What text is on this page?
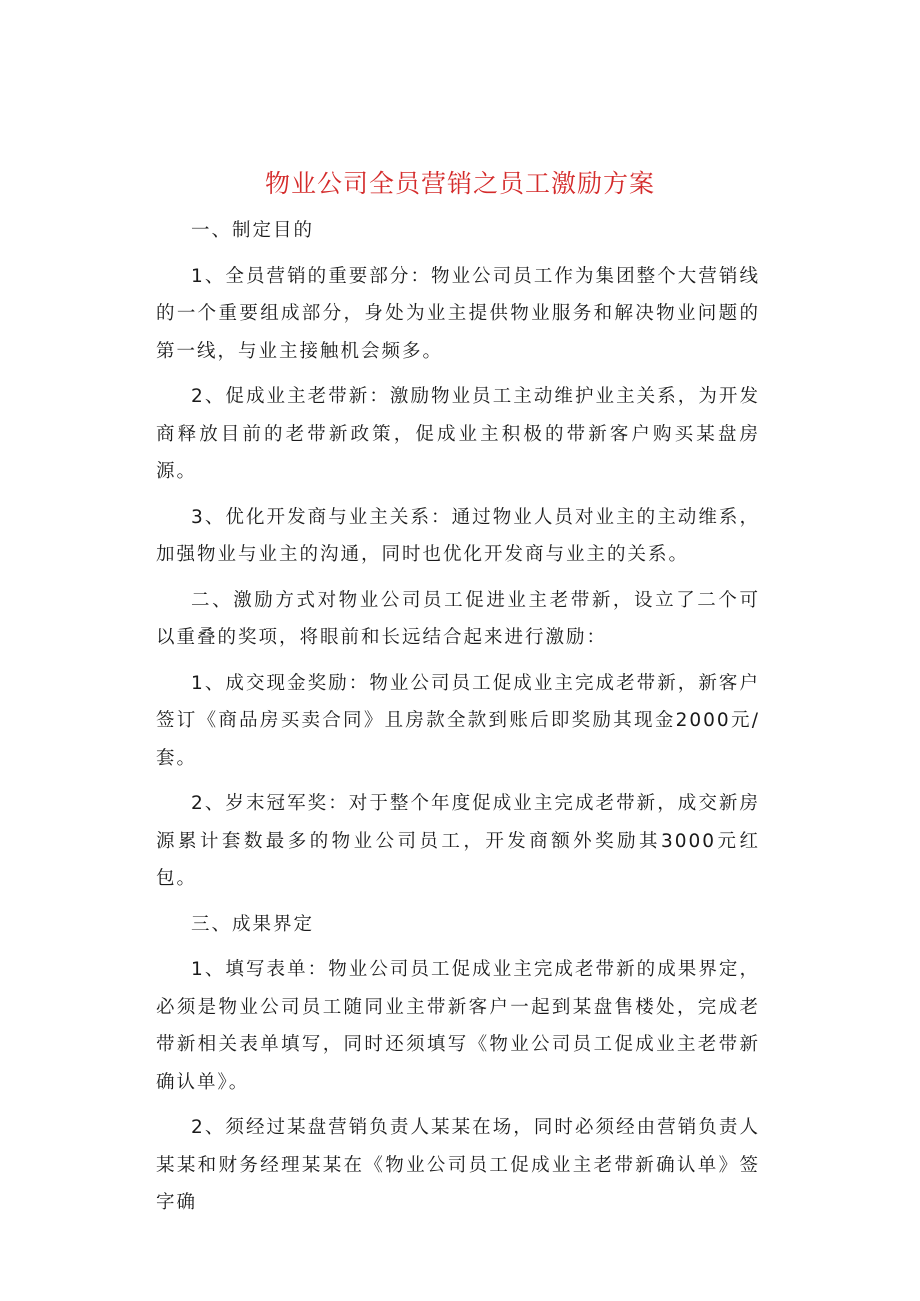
物业公司全员营销之员工激励方案

一、制定目的

1、全员营销的重要部分：物业公司员工作为集团整个大营销线的一个重要组成部分，身处为业主提供物业服务和解决物业问题的第一线，与业主接触机会频多。

2、促成业主老带新：激励物业员工主动维护业主关系，为开发商释放目前的老带新政策，促成业主积极的带新客户购买某盘房源。

3、优化开发商与业主关系：通过物业人员对业主的主动维系，加强物业与业主的沟通，同时也优化开发商与业主的关系。

二、激励方式对物业公司员工促进业主老带新，设立了二个可以重叠的奖项，将眼前和长远结合起来进行激励：

1、成交现金奖励：物业公司员工促成业主完成老带新，新客户签订《商品房买卖合同》且房款全款到账后即奖励其现金2000元/套。

2、岁末冠军奖：对于整个年度促成业主完成老带新，成交新房源累计套数最多的物业公司员工，开发商额外奖励其3000元红包。

三、成果界定

1、填写表单：物业公司员工促成业主完成老带新的成果界定，必须是物业公司员工随同业主带新客户一起到某盘售楼处，完成老带新相关表单填写，同时还须填写《物业公司员工促成业主老带新确认单》。

2、须经过某盘营销负责人某某在场，同时必须经由营销负责人某某和财务经理某某在《物业公司员工促成业主老带新确认单》签字确
